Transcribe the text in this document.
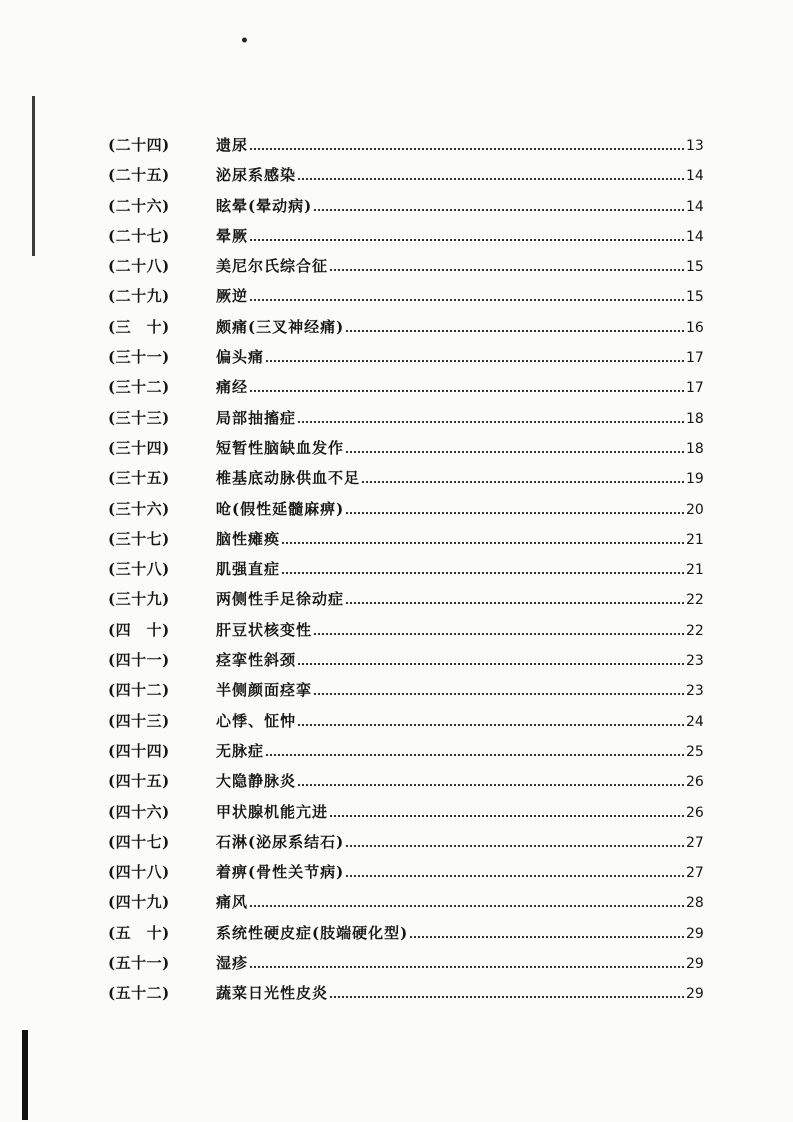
•
(二十四)	遗尿	13
(二十五)	泌尿系感染	14
(二十六)	眩晕(晕动病)	14
(二十七)	晕厥	14
(二十八)	美尼尔氏综合征	15
(二十九)	厥逆	15
(三　十)	颇痛(三叉神经痛)	16
(三十一)	偏头痛	17
(三十二)	痛经	17
(三十三)	局部抽搐症	18
(三十四)	短暂性脑缺血发作	18
(三十五)	椎基底动脉供血不足	19
(三十六)	呛(假性延髓麻痹)	20
(三十七)	脑性瘫痪	21
(三十八)	肌强直症	21
(三十九)	两侧性手足徐动症	22
(四　十)	肝豆状核变性	22
(四十一)	痉挛性斜颈	23
(四十二)	半侧颜面痉挛	23
(四十三)	心悸、怔忡	24
(四十四)	无脉症	25
(四十五)	大隐静脉炎	26
(四十六)	甲状腺机能亢进	26
(四十七)	石淋(泌尿系结石)	27
(四十八)	着痹(骨性关节病)	27
(四十九)	痛风	28
(五　十)	系统性硬皮症(肢端硬化型)	29
(五十一)	湿疹	29
(五十二)	蔬菜日光性皮炎	29
